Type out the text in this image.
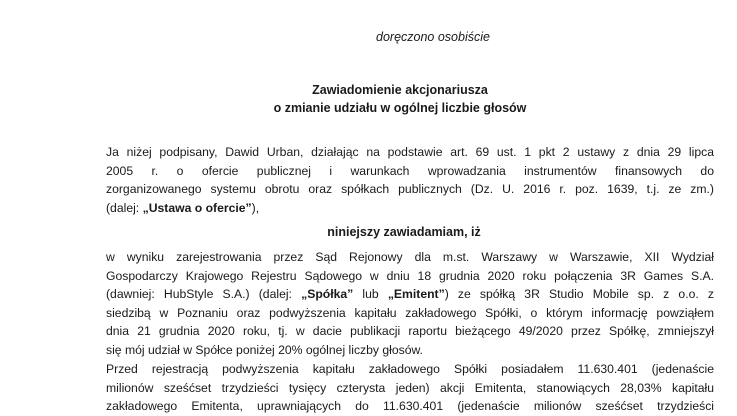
doręczono osobiście
Zawiadomienie akcjonariusza
o zmianie udziału w ogólnej liczbie głosów
Ja niżej podpisany, Dawid Urban, działając na podstawie art. 69 ust. 1 pkt 2 ustawy z dnia 29 lipca
2005 r. o ofercie publicznej i warunkach wprowadzania instrumentów finansowych do
zorganizowanego systemu obrotu oraz spółkach publicznych (Dz. U. 2016 r. poz. 1639, t.j. ze zm.)
(dalej: „Ustawa o ofercie”),
niniejszy zawiadamiam, iż
w wyniku zarejestrowania przez Sąd Rejonowy dla m.st. Warszawy w Warszawie, XII Wydział
Gospodarczy Krajowego Rejestru Sądowego w dniu 18 grudnia 2020 roku połączenia 3R Games S.A.
(dawniej: HubStyle S.A.) (dalej: „Spółka” lub „Emitent”) ze spółką 3R Studio Mobile sp. z o.o. z
siedzibą w Poznaniu oraz podwyższenia kapitału zakładowego Spółki, o którym informację powziąłem
dnia 21 grudnia 2020 roku, tj. w dacie publikacji raportu bieżącego 49/2020 przez Spółkę, zmniejszył
się mój udział w Spółce poniżej 20% ogólnej liczby głosów.
Przed rejestracją podwyższenia kapitału zakładowego Spółki posiadałem 11.630.401 (jedenaście
milionów sześćset trzydzieści tysięcy czterysta jeden) akcji Emitenta, stanowiących 28,03% kapitału
zakładowego Emitenta, uprawniających do 11.630.401 (jedenaście milionów sześćset trzydzieści
